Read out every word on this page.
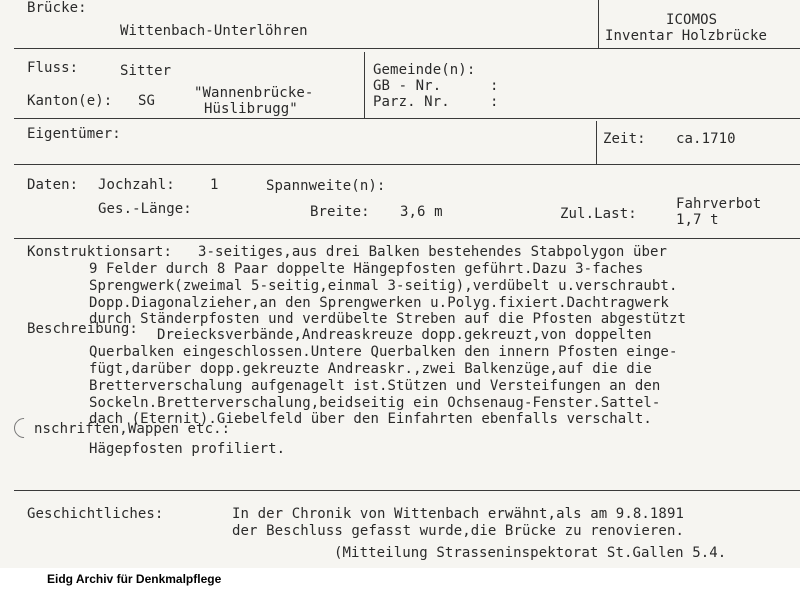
Brücke:
Wittenbach-Unterlöhren
ICOMOS
Inventar Holzbrücke
Fluss:	Sitter
Kanton(e): SG	"Wannenbrücke-
Hüslibrugg"
Gemeinde(n):
GB - Nr.	:
Parz. Nr.	:
Eigentümer:	Zeit: ca.1710
Daten: Jochzahl:	1	Spannweite(n):
Ges.-Länge:	Breite: 3,6 m	Zul.Last:
Fahrverbot
1,7 t
Konstruktionsart: 3-seitiges,aus drei Balken bestehendes Stabpolygon über
9 Felder durch 8 Paar doppelte Hängepfosten geführt.Dazu 3-faches
Sprengwerk(zweimal 5-seitig,einmal 3-seitig),verdübelt u.verschraubt.
Dopp.Diagonalzieher,an den Sprengwerken u.Polyg.fixiert.Dachtragwerk
durch Ständerpfosten und verdübelte Streben auf die Pfosten abgestützt
Beschreibung: Dreiecksverbände,Andreaskreuze dopp.gekreuzt,von doppelten
Querbalken eingeschlossen.Untere Querbalken den innern Pfosten einge-
fügt,darüber dopp.gekreuzte Andreaskr.,zwei Balkenzüge,auf die die
Bretterverschalung aufgenagelt ist.Stützen und Versteifungen an den
Sockeln.Bretterverschalung,beidseitig ein Ochsenaug-Fenster.Sattel-
dach (Eternit).Giebelfeld über den Einfahrten ebenfalls verschalt.
nschriften,Wappen etc.:
Hägepfosten profiliert.
Geschichtliches:	In der Chronik von Wittenbach erwähnt,als am 9.8.1891
der Beschluss gefasst wurde,die Brücke zu renovieren.
(Mitteilung Strasseninspektorat St.Gallen 5.4.
Eidg Archiv für Denkmalpflege
